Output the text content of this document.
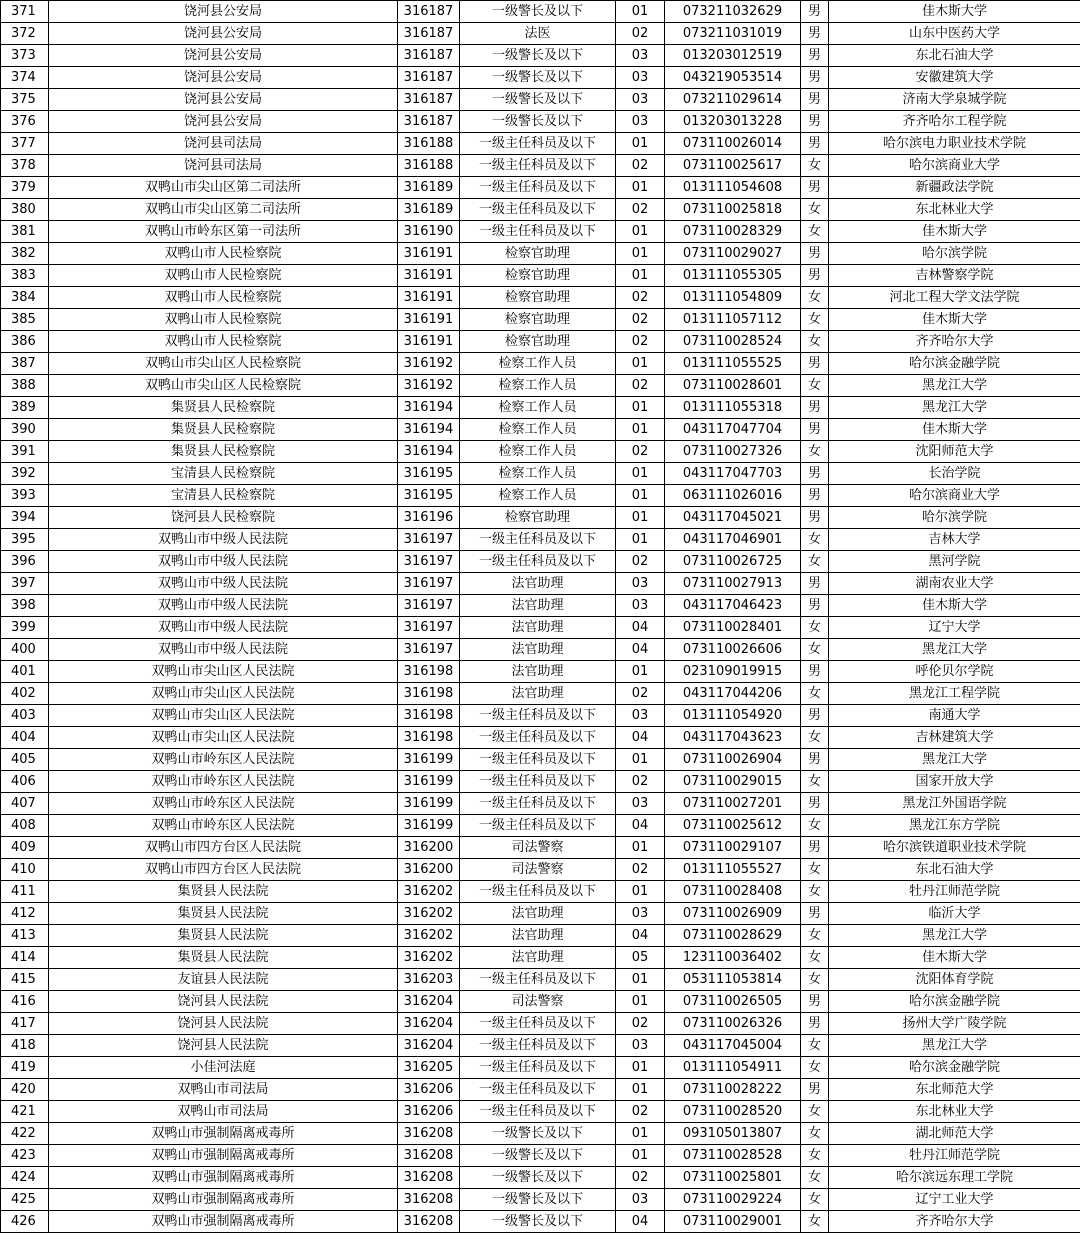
371	饶河县公安局	316187	一级警长及以下	01	073211032629	男	佳木斯大学
372	饶河县公安局	316187	法医	02	073211031019	男	山东中医药大学
373	饶河县公安局	316187	一级警长及以下	03	013203012519	男	东北石油大学
374	饶河县公安局	316187	一级警长及以下	03	043219053514	男	安徽建筑大学
375	饶河县公安局	316187	一级警长及以下	03	073211029614	男	济南大学泉城学院
376	饶河县公安局	316187	一级警长及以下	03	013203013228	男	齐齐哈尔工程学院
377	饶河县司法局	316188	一级主任科员及以下	01	073110026014	男	哈尔滨电力职业技术学院
378	饶河县司法局	316188	一级主任科员及以下	02	073110025617	女	哈尔滨商业大学
379	双鸭山市尖山区第二司法所	316189	一级主任科员及以下	01	013111054608	男	新疆政法学院
380	双鸭山市尖山区第二司法所	316189	一级主任科员及以下	02	073110025818	女	东北林业大学
381	双鸭山市岭东区第一司法所	316190	一级主任科员及以下	01	073110028329	女	佳木斯大学
382	双鸭山市人民检察院	316191	检察官助理	01	073110029027	男	哈尔滨学院
383	双鸭山市人民检察院	316191	检察官助理	01	013111055305	男	吉林警察学院
384	双鸭山市人民检察院	316191	检察官助理	02	013111054809	女	河北工程大学文法学院
385	双鸭山市人民检察院	316191	检察官助理	02	013111057112	女	佳木斯大学
386	双鸭山市人民检察院	316191	检察官助理	02	073110028524	女	齐齐哈尔大学
387	双鸭山市尖山区人民检察院	316192	检察工作人员	01	013111055525	男	哈尔滨金融学院
388	双鸭山市尖山区人民检察院	316192	检察工作人员	02	073110028601	女	黑龙江大学
389	集贤县人民检察院	316194	检察工作人员	01	013111055318	男	黑龙江大学
390	集贤县人民检察院	316194	检察工作人员	01	043117047704	男	佳木斯大学
391	集贤县人民检察院	316194	检察工作人员	02	073110027326	女	沈阳师范大学
392	宝清县人民检察院	316195	检察工作人员	01	043117047703	男	长治学院
393	宝清县人民检察院	316195	检察工作人员	01	063111026016	男	哈尔滨商业大学
394	饶河县人民检察院	316196	检察官助理	01	043117045021	男	哈尔滨学院
395	双鸭山市中级人民法院	316197	一级主任科员及以下	01	043117046901	女	吉林大学
396	双鸭山市中级人民法院	316197	一级主任科员及以下	02	073110026725	女	黑河学院
397	双鸭山市中级人民法院	316197	法官助理	03	073110027913	男	湖南农业大学
398	双鸭山市中级人民法院	316197	法官助理	03	043117046423	男	佳木斯大学
399	双鸭山市中级人民法院	316197	法官助理	04	073110028401	女	辽宁大学
400	双鸭山市中级人民法院	316197	法官助理	04	073110026606	女	黑龙江大学
401	双鸭山市尖山区人民法院	316198	法官助理	01	023109019915	男	呼伦贝尔学院
402	双鸭山市尖山区人民法院	316198	法官助理	02	043117044206	女	黑龙江工程学院
403	双鸭山市尖山区人民法院	316198	一级主任科员及以下	03	013111054920	男	南通大学
404	双鸭山市尖山区人民法院	316198	一级主任科员及以下	04	043117043623	女	吉林建筑大学
405	双鸭山市岭东区人民法院	316199	一级主任科员及以下	01	073110026904	男	黑龙江大学
406	双鸭山市岭东区人民法院	316199	一级主任科员及以下	02	073110029015	女	国家开放大学
407	双鸭山市岭东区人民法院	316199	一级主任科员及以下	03	073110027201	男	黑龙江外国语学院
408	双鸭山市岭东区人民法院	316199	一级主任科员及以下	04	073110025612	女	黑龙江东方学院
409	双鸭山市四方台区人民法院	316200	司法警察	01	073110029107	男	哈尔滨铁道职业技术学院
410	双鸭山市四方台区人民法院	316200	司法警察	02	013111055527	女	东北石油大学
411	集贤县人民法院	316202	一级主任科员及以下	01	073110028408	女	牡丹江师范学院
412	集贤县人民法院	316202	法官助理	03	073110026909	男	临沂大学
413	集贤县人民法院	316202	法官助理	04	073110028629	女	黑龙江大学
414	集贤县人民法院	316202	法官助理	05	123110036402	女	佳木斯大学
415	友谊县人民法院	316203	一级主任科员及以下	01	053111053814	女	沈阳体育学院
416	饶河县人民法院	316204	司法警察	01	073110026505	男	哈尔滨金融学院
417	饶河县人民法院	316204	一级主任科员及以下	02	073110026326	男	扬州大学广陵学院
418	饶河县人民法院	316204	一级主任科员及以下	03	043117045004	女	黑龙江大学
419	小佳河法庭	316205	一级主任科员及以下	01	013111054911	女	哈尔滨金融学院
420	双鸭山市司法局	316206	一级主任科员及以下	01	073110028222	男	东北师范大学
421	双鸭山市司法局	316206	一级主任科员及以下	02	073110028520	女	东北林业大学
422	双鸭山市强制隔离戒毒所	316208	一级警长及以下	01	093105013807	女	湖北师范大学
423	双鸭山市强制隔离戒毒所	316208	一级警长及以下	01	073110028528	女	牡丹江师范学院
424	双鸭山市强制隔离戒毒所	316208	一级警长及以下	02	073110025801	女	哈尔滨远东理工学院
425	双鸭山市强制隔离戒毒所	316208	一级警长及以下	03	073110029224	女	辽宁工业大学
426	双鸭山市强制隔离戒毒所	316208	一级警长及以下	04	073110029001	女	齐齐哈尔大学
